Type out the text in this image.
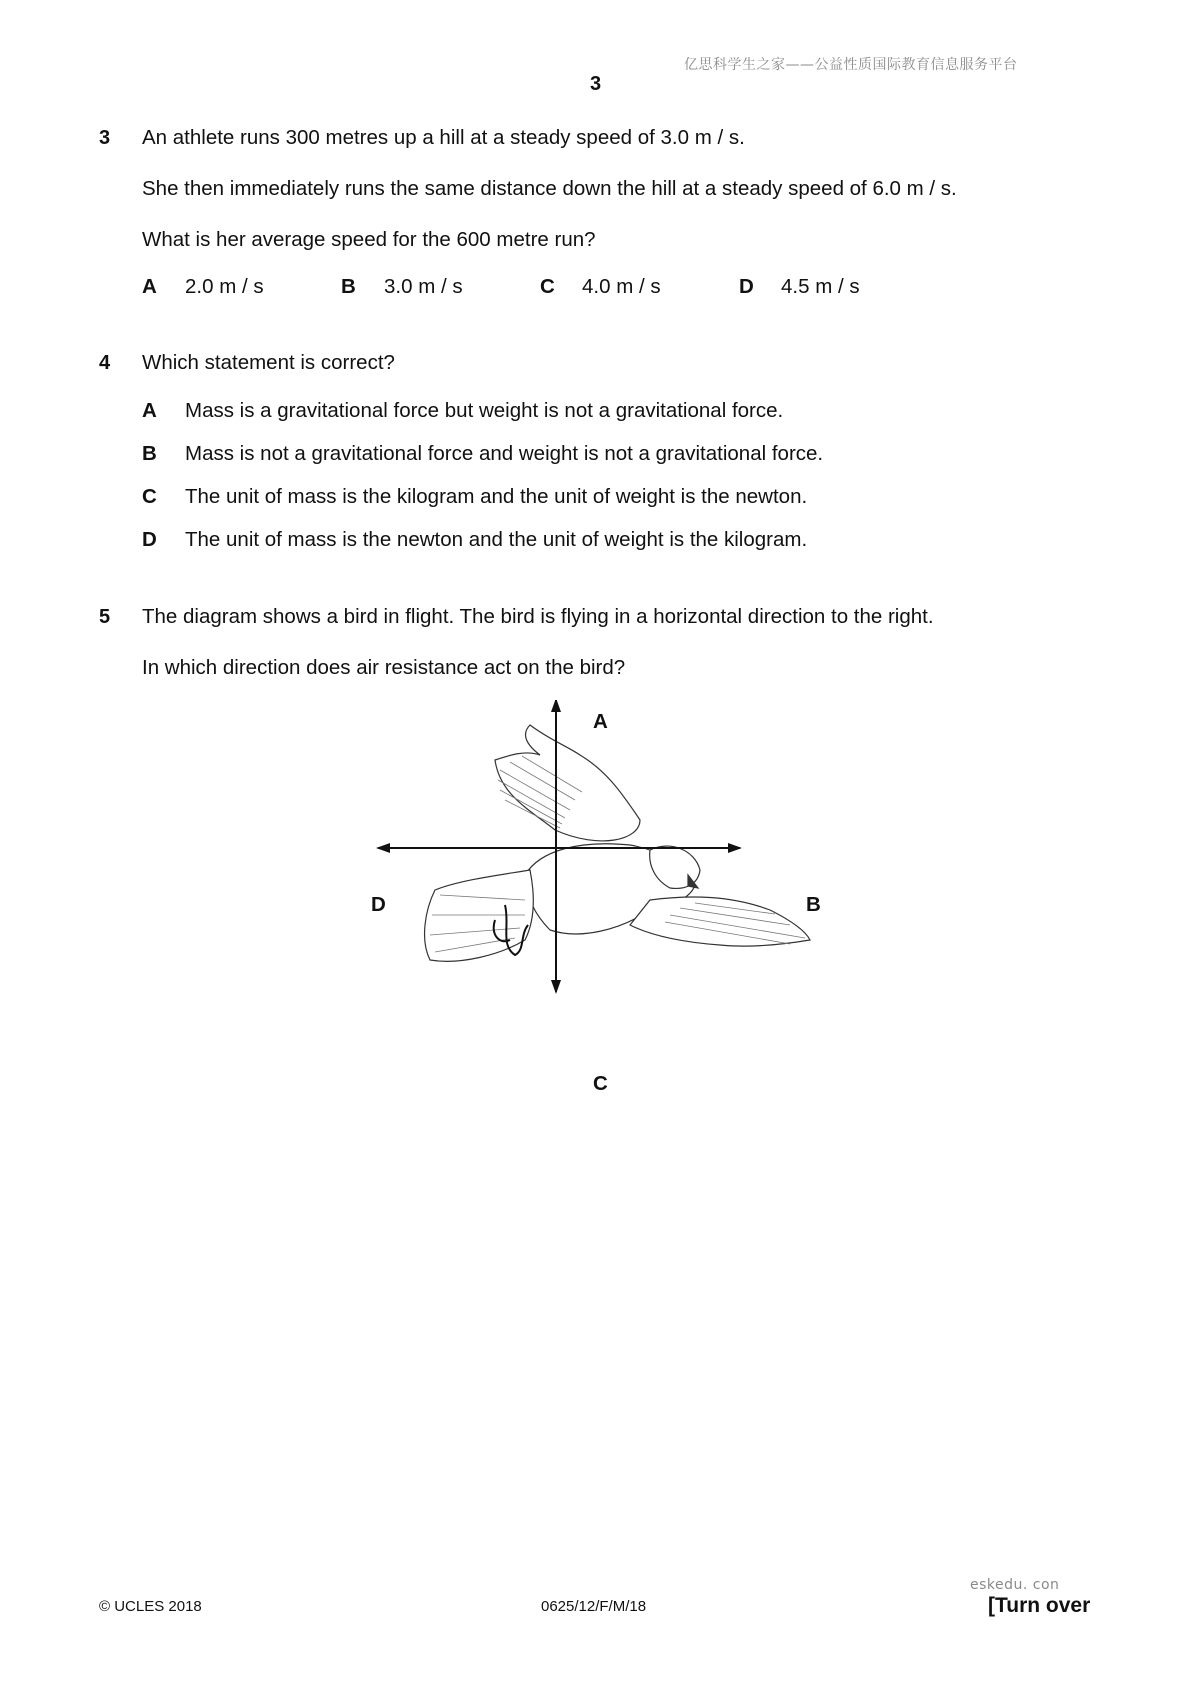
亿思科学生之家——公益性质国际教育信息服务平台
3
3 An athlete runs 300 metres up a hill at a steady speed of 3.0 m / s.
She then immediately runs the same distance down the hill at a steady speed of 6.0 m / s.
What is her average speed for the 600 metre run?
A 2.0 m / s	B 3.0 m / s	C 4.0 m / s	D 4.5 m / s
4 Which statement is correct?
A Mass is a gravitational force but weight is not a gravitational force.
B Mass is not a gravitational force and weight is not a gravitational force.
C The unit of mass is the kilogram and the unit of weight is the newton.
D The unit of mass is the newton and the unit of weight is the kilogram.
5 The diagram shows a bird in flight. The bird is flying in a horizontal direction to the right.
In which direction does air resistance act on the bird?
A
B
C
D
eskedu. con
© UCLES 2018	0625/12/F/M/18	[Turn over
